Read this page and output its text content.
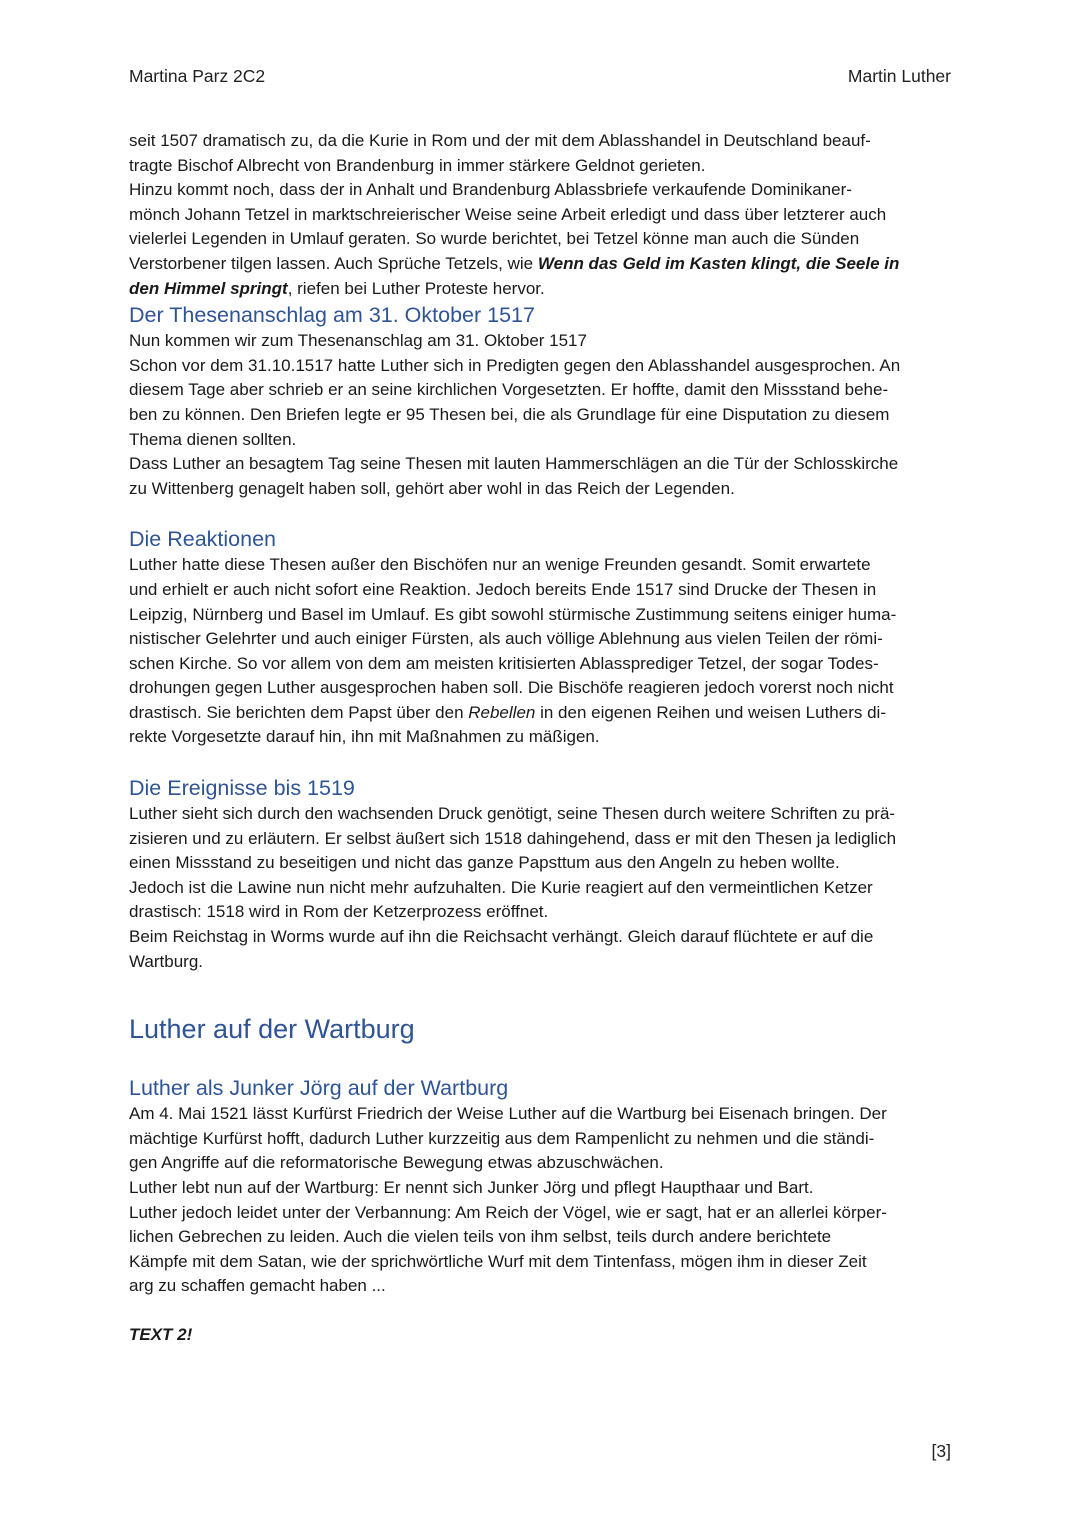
Martina Parz 2C2	Martin Luther

seit 1507 dramatisch zu, da die Kurie in Rom und der mit dem Ablasshandel in Deutschland beauf-

tragte Bischof Albrecht von Brandenburg in immer stärkere Geldnot gerieten.

Hinzu kommt noch, dass der in Anhalt und Brandenburg Ablassbriefe verkaufende Dominikaner-

mönch Johann Tetzel in marktschreierischer Weise seine Arbeit erledigt und dass über letzterer auch

vielerlei Legenden in Umlauf geraten. So wurde berichtet, bei Tetzel könne man auch die Sünden

Verstorbener tilgen lassen. Auch Sprüche Tetzels, wie Wenn das Geld im Kasten klingt, die Seele in

den Himmel springt, riefen bei Luther Proteste hervor.

Der Thesenanschlag am 31. Oktober 1517

Nun kommen wir zum Thesenanschlag am 31. Oktober 1517

Schon vor dem 31.10.1517 hatte Luther sich in Predigten gegen den Ablasshandel ausgesprochen. An

diesem Tage aber schrieb er an seine kirchlichen Vorgesetzten. Er hoffte, damit den Missstand behe-

ben zu können. Den Briefen legte er 95 Thesen bei, die als Grundlage für eine Disputation zu diesem

Thema dienen sollten.

Dass Luther an besagtem Tag seine Thesen mit lauten Hammerschlägen an die Tür der Schlosskirche

zu Wittenberg genagelt haben soll, gehört aber wohl in das Reich der Legenden.

Die Reaktionen

Luther hatte diese Thesen außer den Bischöfen nur an wenige Freunden gesandt. Somit erwartete

und erhielt er auch nicht sofort eine Reaktion. Jedoch bereits Ende 1517 sind Drucke der Thesen in

Leipzig, Nürnberg und Basel im Umlauf. Es gibt sowohl stürmische Zustimmung seitens einiger huma-

nistischer Gelehrter und auch einiger Fürsten, als auch völlige Ablehnung aus vielen Teilen der römi-

schen Kirche. So vor allem von dem am meisten kritisierten Ablassprediger Tetzel, der sogar Todes-

drohungen gegen Luther ausgesprochen haben soll. Die Bischöfe reagieren jedoch vorerst noch nicht

drastisch. Sie berichten dem Papst über den Rebellen in den eigenen Reihen und weisen Luthers di-

rekte Vorgesetzte darauf hin, ihn mit Maßnahmen zu mäßigen.

Die Ereignisse bis 1519

Luther sieht sich durch den wachsenden Druck genötigt, seine Thesen durch weitere Schriften zu prä-

zisieren und zu erläutern. Er selbst äußert sich 1518 dahingehend, dass er mit den Thesen ja lediglich

einen Missstand zu beseitigen und nicht das ganze Papsttum aus den Angeln zu heben wollte.

Jedoch ist die Lawine nun nicht mehr aufzuhalten. Die Kurie reagiert auf den vermeintlichen Ketzer

drastisch: 1518 wird in Rom der Ketzerprozess eröffnet.

Beim Reichstag in Worms wurde auf ihn die Reichsacht verhängt. Gleich darauf flüchtete er auf die

Wartburg.

Luther auf der Wartburg
Luther als Junker Jörg auf der Wartburg

Am 4. Mai 1521 lässt Kurfürst Friedrich der Weise Luther auf die Wartburg bei Eisenach bringen. Der

mächtige Kurfürst hofft, dadurch Luther kurzzeitig aus dem Rampenlicht zu nehmen und die ständi-

gen Angriffe auf die reformatorische Bewegung etwas abzuschwächen.

Luther lebt nun auf der Wartburg: Er nennt sich Junker Jörg und pflegt Haupthaar und Bart.

Luther jedoch leidet unter der Verbannung: Am Reich der Vögel, wie er sagt, hat er an allerlei körper-

lichen Gebrechen zu leiden. Auch die vielen teils von ihm selbst, teils durch andere berichtete

Kämpfe mit dem Satan, wie der sprichwörtliche Wurf mit dem Tintenfass, mögen ihm in dieser Zeit

arg zu schaffen gemacht haben ...

TEXT 2!

[3]
